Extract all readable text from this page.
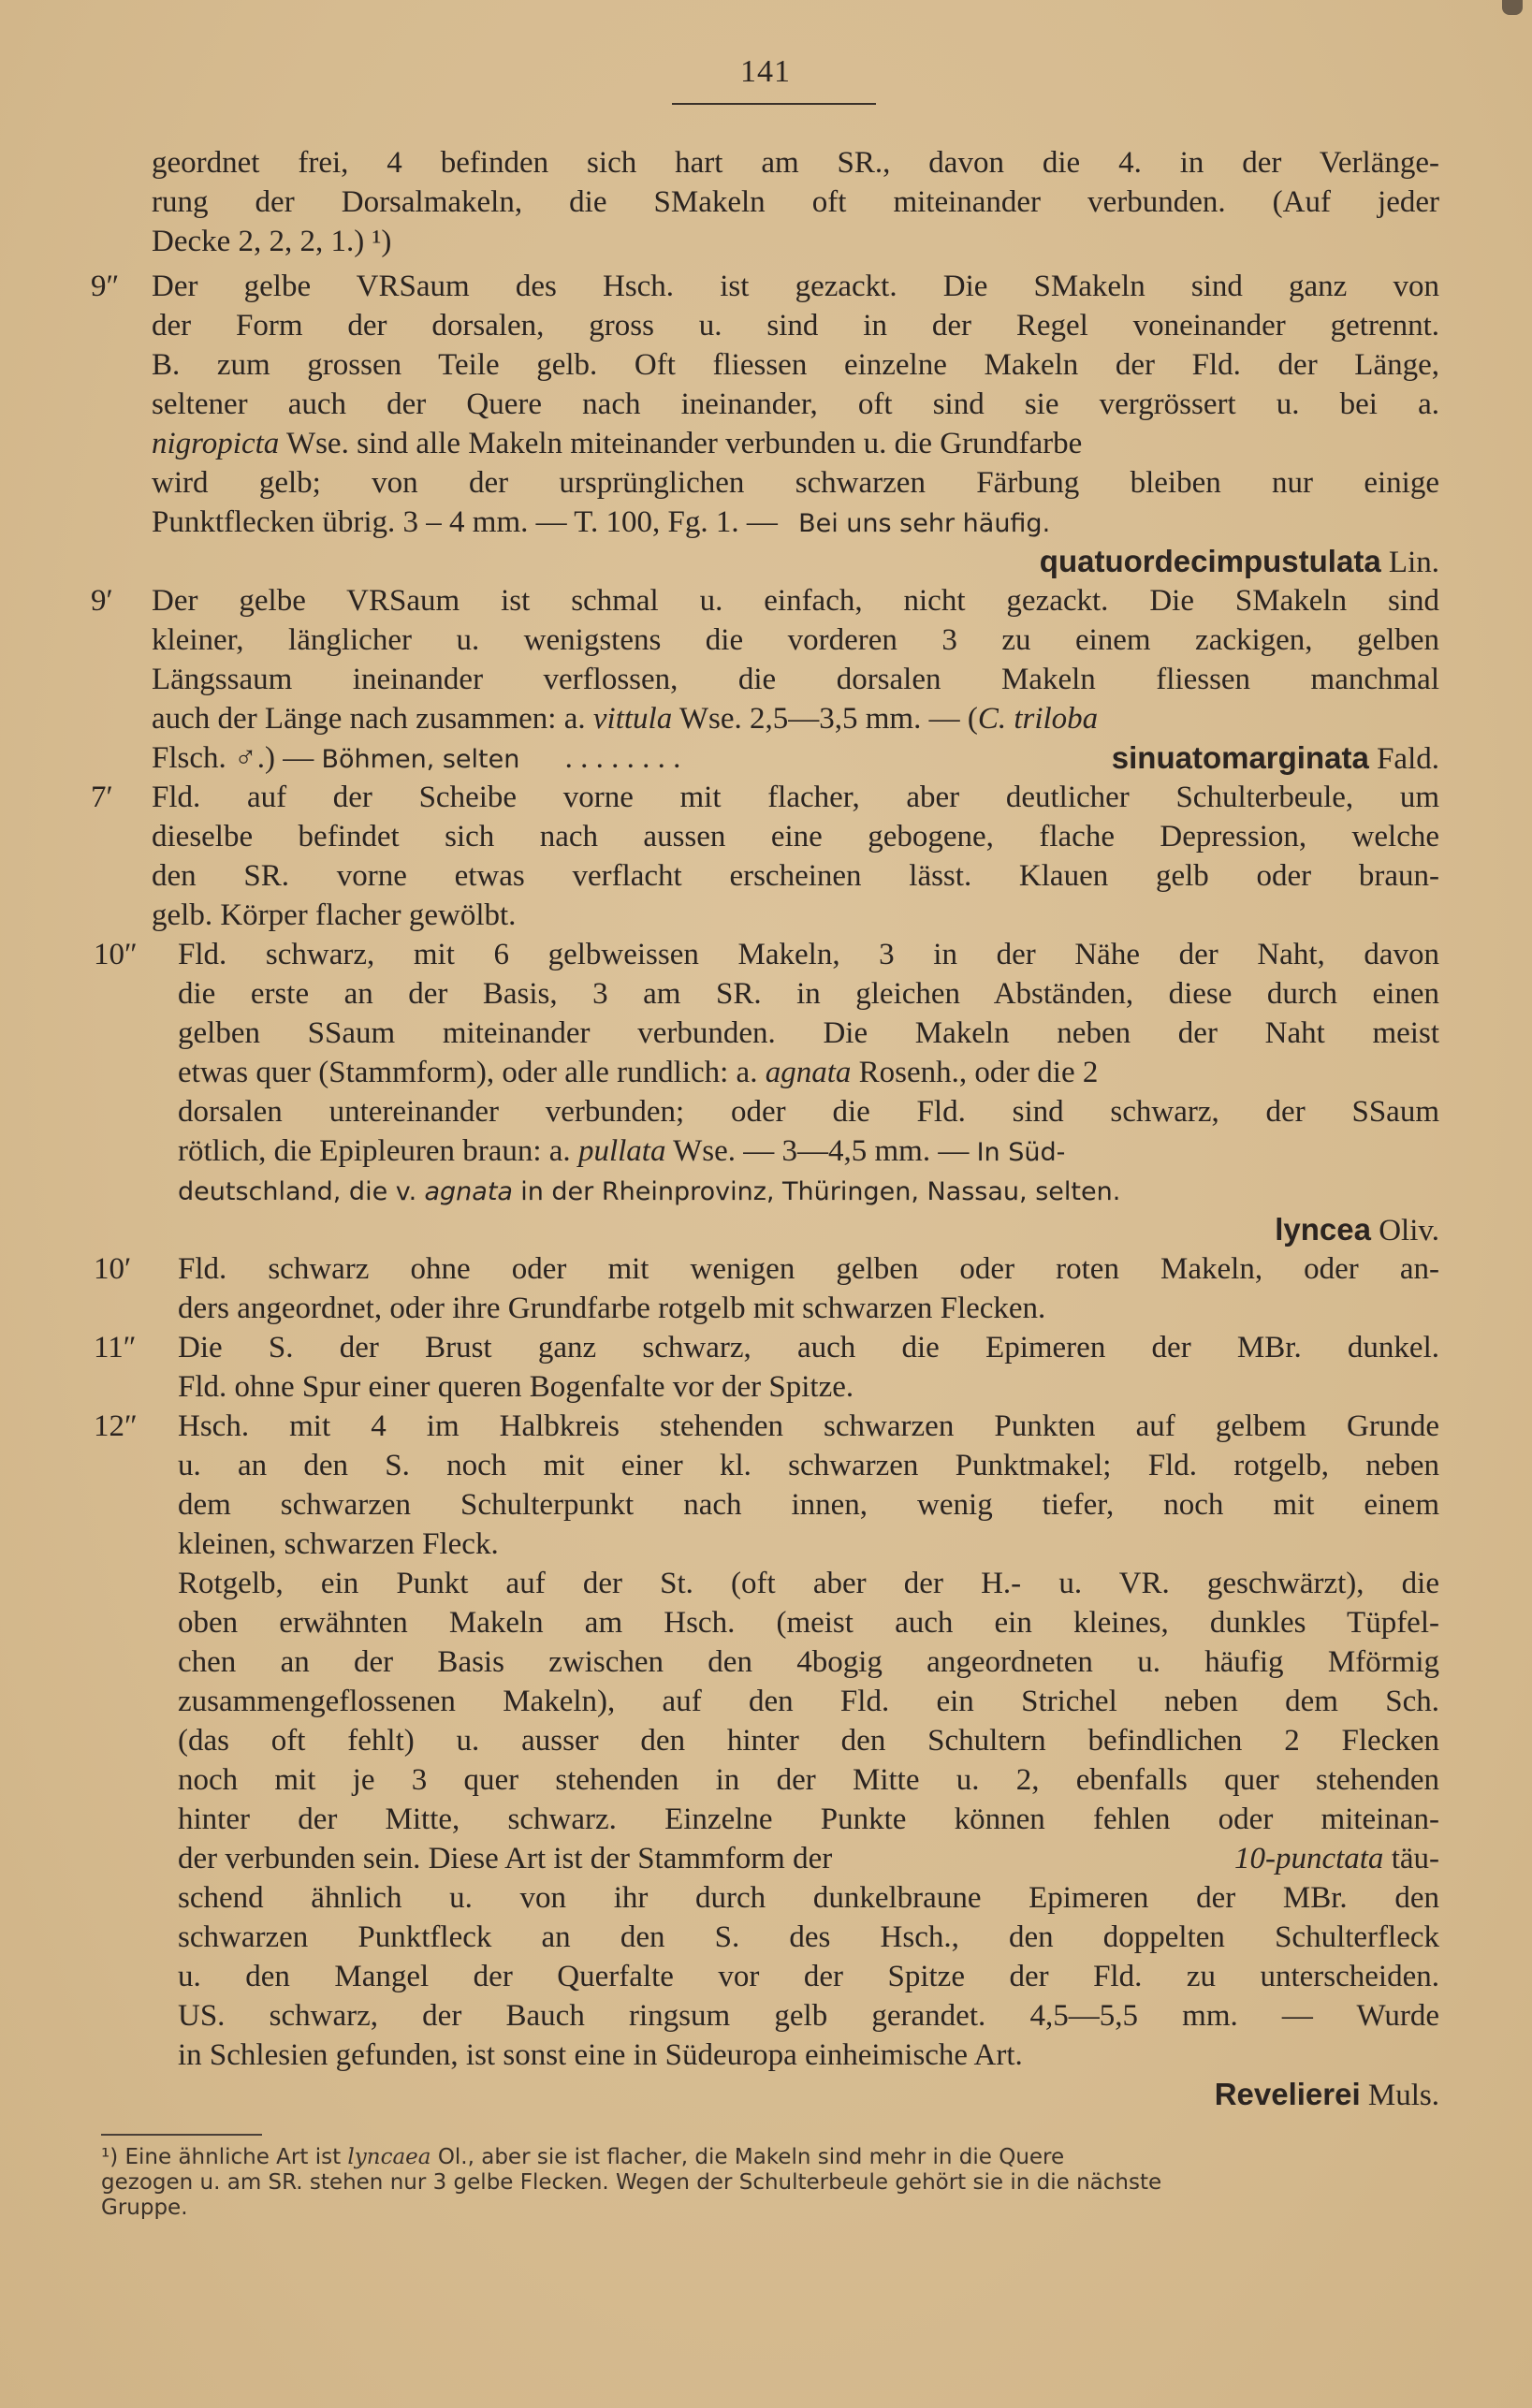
141
geordnet frei, 4 befinden sich hart am SR., davon die 4. in der Verlänge-
rung der Dorsalmakeln, die SMakeln oft miteinander verbunden. (Auf jeder
Decke 2, 2, 2, 1.) ¹)
9″	Der gelbe VRSaum des Hsch. ist gezackt. Die SMakeln sind ganz von
der Form der dorsalen, gross u. sind in der Regel voneinander getrennt.
B. zum grossen Teile gelb. Oft fliessen einzelne Makeln der Fld. der Länge,
seltener auch der Quere nach ineinander, oft sind sie vergrössert u. bei a.
nigropicta Wse. sind alle Makeln miteinander verbunden u. die Grundfarbe
wird gelb; von der ursprünglichen schwarzen Färbung bleiben nur einige
Punktflecken übrig. 3 – 4 mm. — T. 100, Fg. 1. — Bei uns sehr häufig.
quatuordecimpustulata Lin.
9′	Der gelbe VRSaum ist schmal u. einfach, nicht gezackt. Die SMakeln sind
kleiner, länglicher u. wenigstens die vorderen 3 zu einem zackigen, gelben
Längssaum ineinander verflossen, die dorsalen Makeln fliessen manchmal
auch der Länge nach zusammen: a. vittula Wse. 2,5—3,5 mm. — (C. triloba
Flsch. ♂.) — Böhmen, selten . . . . . . . .	sinuatomarginata Fald.
7′	Fld. auf der Scheibe vorne mit flacher, aber deutlicher Schulterbeule, um
dieselbe befindet sich nach aussen eine gebogene, flache Depression, welche
den SR. vorne etwas verflacht erscheinen lässt. Klauen gelb oder braun-
gelb. Körper flacher gewölbt.
10″	Fld. schwarz, mit 6 gelbweissen Makeln, 3 in der Nähe der Naht, davon
die erste an der Basis, 3 am SR. in gleichen Abständen, diese durch einen
gelben SSaum miteinander verbunden. Die Makeln neben der Naht meist
etwas quer (Stammform), oder alle rundlich: a. agnata Rosenh., oder die 2
dorsalen untereinander verbunden; oder die Fld. sind schwarz, der SSaum
rötlich, die Epipleuren braun: a. pullata Wse. — 3—4,5 mm. — In Süd-
deutschland, die v. agnata in der Rheinprovinz, Thüringen, Nassau, selten.
lyncea Oliv.
10′	Fld. schwarz ohne oder mit wenigen gelben oder roten Makeln, oder an-
ders angeordnet, oder ihre Grundfarbe rotgelb mit schwarzen Flecken.
11″	Die S. der Brust ganz schwarz, auch die Epimeren der MBr. dunkel.
Fld. ohne Spur einer queren Bogenfalte vor der Spitze.
12″	Hsch. mit 4 im Halbkreis stehenden schwarzen Punkten auf gelbem Grunde
u. an den S. noch mit einer kl. schwarzen Punktmakel; Fld. rotgelb, neben
dem schwarzen Schulterpunkt nach innen, wenig tiefer, noch mit einem
kleinen, schwarzen Fleck.
Rotgelb, ein Punkt auf der St. (oft aber der H.- u. VR. geschwärzt), die
oben erwähnten Makeln am Hsch. (meist auch ein kleines, dunkles Tüpfel-
chen an der Basis zwischen den 4bogig angeordneten u. häufig Mförmig
zusammengeflossenen Makeln), auf den Fld. ein Strichel neben dem Sch.
(das oft fehlt) u. ausser den hinter den Schultern befindlichen 2 Flecken
noch mit je 3 quer stehenden in der Mitte u. 2, ebenfalls quer stehenden
hinter der Mitte, schwarz. Einzelne Punkte können fehlen oder miteinan-
der verbunden sein. Diese Art ist der Stammform der	10-punctata täu-
schend ähnlich u. von ihr durch dunkelbraune Epimeren der MBr. den
schwarzen Punktfleck an den S. des Hsch., den doppelten Schulterfleck
u. den Mangel der Querfalte vor der Spitze der Fld. zu unterscheiden.
US. schwarz, der Bauch ringsum gelb gerandet. 4,5—5,5 mm. — Wurde
in Schlesien gefunden, ist sonst eine in Südeuropa einheimische Art.
Revelierei Muls.
¹) Eine ähnliche Art ist lyncaea Ol., aber sie ist flacher, die Makeln sind mehr in die Quere
gezogen u. am SR. stehen nur 3 gelbe Flecken. Wegen der Schulterbeule gehört sie in die nächste
Gruppe.
